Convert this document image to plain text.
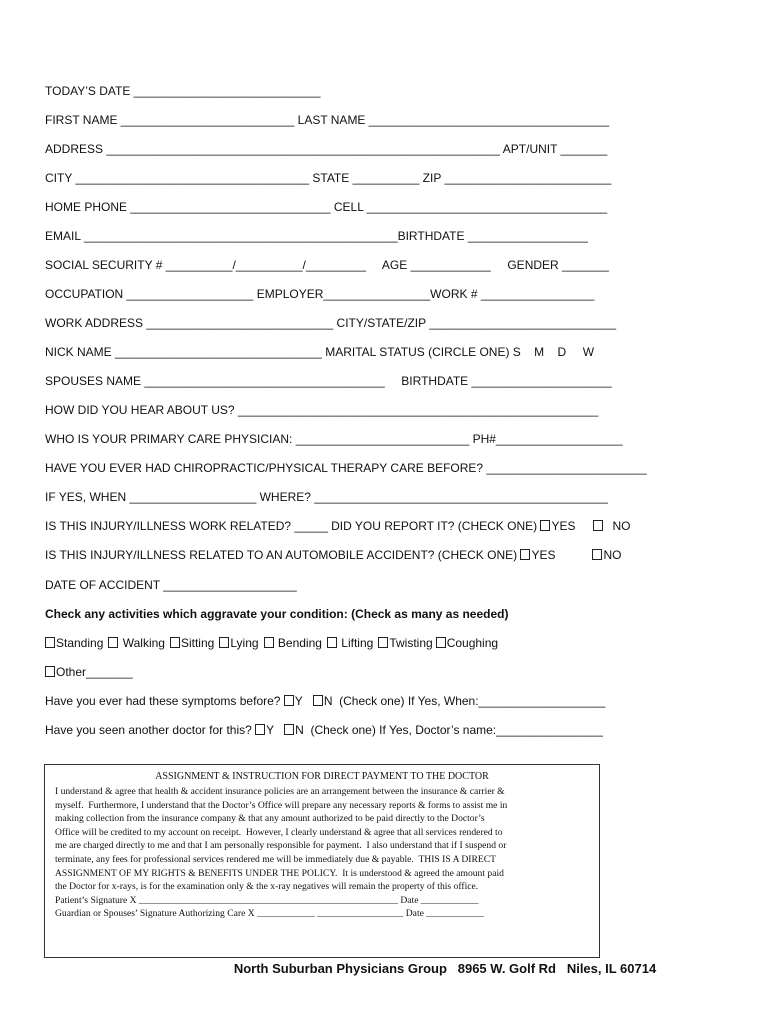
TODAY’S DATE ____________________________
FIRST NAME __________________________ LAST NAME ____________________________________
ADDRESS ___________________________________________________________ APT/UNIT _______
CITY ___________________________________ STATE __________ ZIP _________________________
HOME PHONE ______________________________ CELL ____________________________________
EMAIL _______________________________________________BIRTHDATE __________________
SOCIAL SECURITY # __________/__________/_________     AGE ____________     GENDER _______
OCCUPATION ___________________ EMPLOYER________________WORK # _________________
WORK ADDRESS ____________________________ CITY/STATE/ZIP ____________________________
NICK NAME _______________________________ MARITAL STATUS (CIRCLE ONE) S    M    D     W
SPOUSES NAME ____________________________________     BIRTHDATE _____________________
HOW DID YOU HEAR ABOUT US? ______________________________________________________
WHO IS YOUR PRIMARY CARE PHYSICIAN: __________________________ PH#___________________
HAVE YOU EVER HAD CHIROPRACTIC/PHYSICAL THERAPY CARE BEFORE? ________________________
IF YES, WHEN ___________________ WHERE? ____________________________________________
IS THIS INJURY/ILLNESS WORK RELATED? _____ DID YOU REPORT IT? (CHECK ONE) YES	NO
IS THIS INJURY/ILLNESS RELATED TO AN AUTOMOBILE ACCIDENT? (CHECK ONE) YES	NO
DATE OF ACCIDENT ____________________
Check any activities which aggravate your condition: (Check as many as needed)
Standing Walking Sitting Lying Bending Lifting Twisting Coughing
Other_______
Have you ever had these symptoms before? Y N  (Check one) If Yes, When:___________________
Have you seen another doctor for this? Y N  (Check one) If Yes, Doctor’s name:________________
ASSIGNMENT & INSTRUCTION FOR DIRECT PAYMENT TO THE DOCTOR
I understand & agree that health & accident insurance policies are an arrangement between the insurance & carrier &
myself.  Furthermore, I understand that the Doctor’s Office will prepare any necessary reports & forms to assist me in
making collection from the insurance company & that any amount authorized to be paid directly to the Doctor’s
Office will be credited to my account on receipt.  However, I clearly understand & agree that all services rendered to
me are charged directly to me and that I am personally responsible for payment.  I also understand that if I suspend or
terminate, any fees for professional services rendered me will be immediately due & payable.  THIS IS A DIRECT
ASSIGNMENT OF MY RIGHTS & BENEFITS UNDER THE POLICY.  It is understood & agreed the amount paid
the Doctor for x-rays, is for the examination only & the x-ray negatives will remain the property of this office.
Patient’s Signature X ______________________________________________________ Date ____________
Guardian or Spouses’ Signature Authorizing Care X ____________ __________________ Date ____________
North Suburban Physicians Group 8965 W. Golf Rd   Niles, IL 60714
